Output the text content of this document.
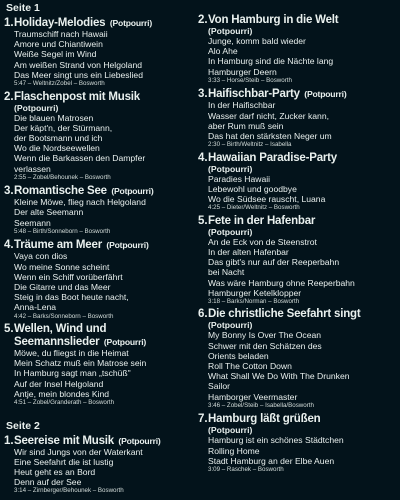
Seite 1
1. Holiday-Melodies
(Potpourri)
Traumschiff nach Hawaii
Amore und Chiantiwein
Weiße Segel im Wind
Am weißen Strand von Helgoland
Das Meer singt uns ein Liebeslied
5:47 – Weltnitz/Zobel – Bosworth
2. Flaschenpost mit Musik
(Potpourri)
Die blauen Matrosen
Der käpt'n, der Stürmann,
der Bootsmann und ich
Wo die Nordseewellen
Wenn die Barkassen den Dampfer
verlassen
2:55 – Zobel/Behounek – Bosworth
3. Romantische See
(Potpourri)
Kleine Möwe, flieg nach Helgoland
Der alte Seemann
Seemann
5:48 – Birth/Sonneborn – Bosworth
4. Träume am Meer
(Potpourri)
Vaya con dios
Wo meine Sonne scheint
Wenn ein Schiff vorüberfährt
Die Gitarre und das Meer
Steig in das Boot heute nacht,
Anna-Lena
4:42 – Barks/Sonneborn – Bosworth
5. Wellen, Wind und
Seemannslieder
(Potpourri)
Möwe, du fliegst in die Heimat
Mein Schatz muß ein Matrose sein
In Hamburg sagt man „tschüß"
Auf der Insel Helgoland
Antje, mein blondes Kind
4:51 – Zobel/Granderath – Bosworth
Seite 2
1. Seereise mit Musik
(Potpourri)
Wir sind Jungs von der Waterkant
Eine Seefahrt die ist lustig
Heut geht es an Bord
Denn auf der See
3:14 – Zirnberger/Behounek – Bosworth
2. Von Hamburg in die Welt
(Potpourri)
Junge, komm bald wieder
Alo Ahe
In Hamburg sind die Nächte lang
Hamburger Deern
3:33 – Horse/Steib – Bosworth
3. Haifischbar-Party
(Potpourri)
In der Haifischbar
Wasser darf nicht, Zucker kann,
aber Rum muß sein
Das hat den stärksten Neger um
2:30 – Birth/Weltnitz – Isabella
4. Hawaiian Paradise-Party
(Potpourri)
Paradies Hawaii
Lebewohl und goodbye
Wo die Südsee rauscht, Luana
4:25 – Dieter/Weltnitz – Bosworth
5. Fete in der Hafenbar
(Potpourri)
An de Eck von de Steenstrot
In der alten Hafenbar
Das gibt's nur auf der Reeperbahn
bei Nacht
Was wäre Hamburg ohne Reeperbahn
Hamburger Ketelklopper
3:18 – Barks/Norman – Bosworth
6. Die christliche Seefahrt singt
(Potpourri)
My Bonny Is Over The Ocean
Schwer mit den Schätzen des
Orients beladen
Roll The Cotton Down
What Shall We Do With The Drunken
Sailor
Hamborger Veermaster
3:46 – Zobel/Steib – Isabella/Bosworth
7. Hamburg läßt grüßen
(Potpourri)
Hamburg ist ein schönes Städtchen
Rolling Home
Stadt Hamburg an der Elbe Auen
3:09 – Raschek – Bosworth
